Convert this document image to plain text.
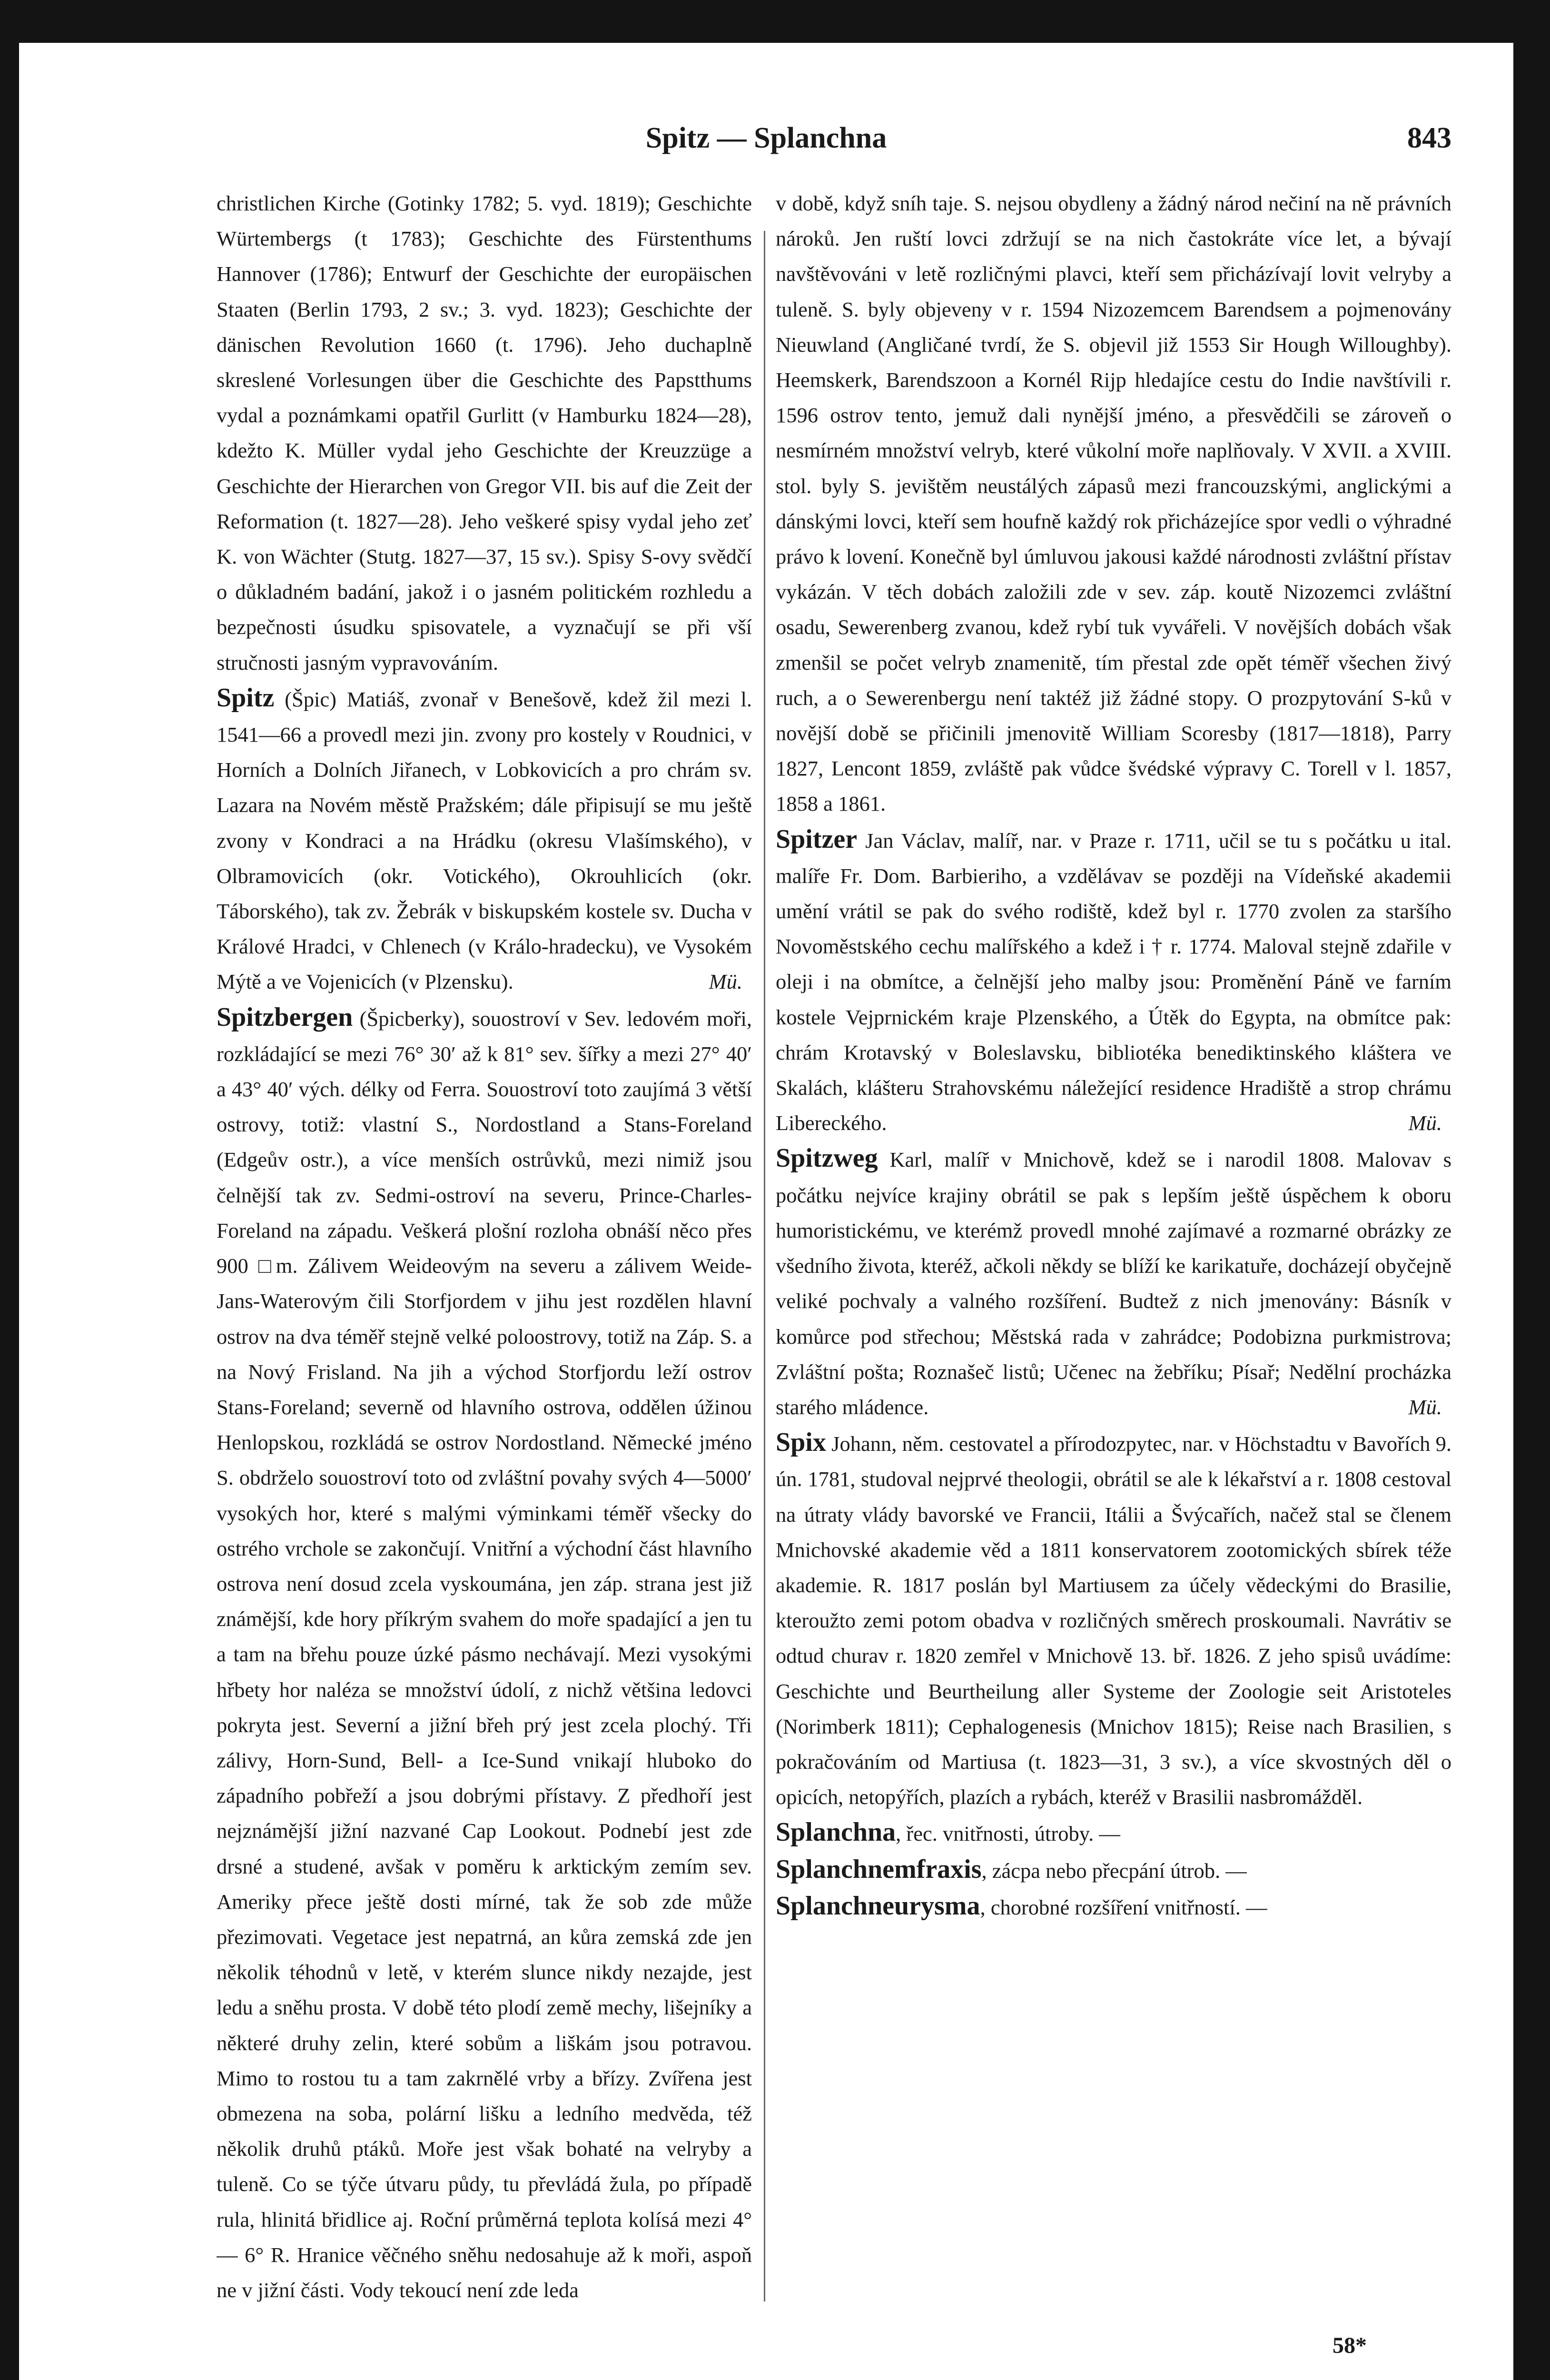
Spitz — Splanchna	843

christlichen Kirche (Gotinky 1782; 5. vyd. 1819); Geschichte Würtembergs (t 1783); Geschichte des Fürstenthums Hannover (1786); Entwurf der Geschichte der europäischen Staaten (Berlin 1793, 2 sv.; 3. vyd. 1823); Geschichte der dänischen Revolution 1660 (t. 1796). Jeho duchaplně skreslené Vorlesungen über die Geschichte des Papstthums vydal a poznámkami opatřil Gurlitt (v Hamburku 1824—28), kdežto K. Müller vydal jeho Geschichte der Kreuzzüge a Geschichte der Hierarchen von Gregor VII. bis auf die Zeit der Reformation (t. 1827—28). Jeho veškeré spisy vydal jeho zeť K. von Wächter (Stutg. 1827—37, 15 sv.). Spisy S-ovy svědčí o důkladném badání, jakož i o jasném politickém rozhledu a bezpečnosti úsudku spisovatele, a vyznačují se při vší stručnosti jasným vypravováním.

Spitz (Špic) Matiáš, zvonař v Benešově, kdež žil mezi l. 1541—66 a provedl mezi jin. zvony pro kostely v Roudnici, v Horních a Dolních Jiřanech, v Lobkovicích a pro chrám sv. Lazara na Novém městě Pražském; dále připisují se mu ještě zvony v Kondraci a na Hrádku (okresu Vlašímského), v Olbramovicích (okr. Votického), Okrouhlicích (okr. Táborského), tak zv. Žebrák v biskupském kostele sv. Ducha v Králové Hradci, v Chlenech (v Králo-hradecku), ve Vysokém Mýtě a ve Vojenicích (v Plzensku).	Mü.

Spitzbergen (Špicberky), souostroví v Sev. ledovém moři, rozkládající se mezi 76° 30′ až k 81° sev. šířky a mezi 27° 40′ a 43° 40′ vých. délky od Ferra. Souostroví toto zaujímá 3 větší ostrovy, totiž: vlastní S., Nordostland a Stans-Foreland (Edgeův ostr.), a více menších ostrůvků, mezi nimiž jsou čelnější tak zv. Sedmi-ostroví na severu, Prince-Charles-Foreland na západu. Veškerá plošní rozloha obnáší něco přes 900 □m. Zálivem Weideovým na severu a zálivem Weide-Jans-Waterovým čili Storfjordem v jihu jest rozdělen hlavní ostrov na dva téměř stejně velké poloostrovy, totiž na Záp. S. a na Nový Frisland. Na jih a východ Storfjordu leží ostrov Stans-Foreland; severně od hlavního ostrova, oddělen úžinou Henlopskou, rozkládá se ostrov Nordostland. Německé jméno S. obdrželo souostroví toto od zvláštní povahy svých 4—5000′ vysokých hor, které s malými výminkami téměř všecky do ostrého vrchole se zakončují. Vnitřní a východní část hlavního ostrova není dosud zcela vyskoumána, jen záp. strana jest již známější, kde hory příkrým svahem do moře spadající a jen tu a tam na břehu pouze úzké pásmo nechávají. Mezi vysokými hřbety hor naléza se množství údolí, z nichž většina ledovci pokryta jest. Severní a jižní břeh prý jest zcela plochý. Tři zálivy, Horn-Sund, Bell- a Ice-Sund vnikají hluboko do západního pobřeží a jsou dobrými přístavy. Z předhoří jest nejznámější jižní nazvané Cap Lookout. Podnebí jest zde drsné a studené, avšak v poměru k arktickým zemím sev. Ameriky přece ještě dosti mírné, tak že sob zde může přezimovati. Vegetace jest nepatrná, an kůra zemská zde jen několik téhodnů v letě, v kterém slunce nikdy nezajde, jest ledu a sněhu prosta. V době této plodí země mechy, lišejníky a některé druhy zelin, které sobům a liškám jsou potravou. Mimo to rostou tu a tam zakrnělé vrby a břízy. Zvířena jest obmezena na soba, polární lišku a ledního medvěda, též několik druhů ptáků. Moře jest však bohaté na velryby a tuleně. Co se týče útvaru půdy, tu převládá žula, po případě rula, hlinitá břidlice aj. Roční průměrná teplota kolísá mezi 4°— 6° R. Hranice věčného sněhu nedosahuje až k moři, aspoň ne v jižní části. Vody tekoucí není zde leda

v době, když sníh taje. S. nejsou obydleny a žádný národ nečiní na ně právních nároků. Jen ruští lovci zdržují se na nich častokráte více let, a bývají navštěvováni v letě rozličnými plavci, kteří sem přicházívají lovit velryby a tuleně. S. byly objeveny v r. 1594 Nizozemcem Barendsem a pojmenovány Nieuwland (Angličané tvrdí, že S. objevil již 1553 Sir Hough Willoughby). Heemskerk, Barendszoon a Kornél Rijp hledajíce cestu do Indie navštívili r. 1596 ostrov tento, jemuž dali nynější jméno, a přesvědčili se zároveň o nesmírném množství velryb, které vůkolní moře naplňovaly. V XVII. a XVIII. stol. byly S. jevištěm neustálých zápasů mezi francouzskými, anglickými a dánskými lovci, kteří sem houfně každý rok přicházejíce spor vedli o výhradné právo k lovení. Konečně byl úmluvou jakousi každé národnosti zvláštní přístav vykázán. V těch dobách založili zde v sev. záp. koutě Nizozemci zvláštní osadu, Sewerenberg zvanou, kdež rybí tuk vyvářeli. V novějších dobách však zmenšil se počet velryb znamenitě, tím přestal zde opět téměř všechen živý ruch, a o Sewerenbergu není taktéž již žádné stopy. O prozpytování S-ků v novější době se přičinili jmenovitě William Scoresby (1817—1818), Parry 1827, Lencont 1859, zvláště pak vůdce švédské výpravy C. Torell v l. 1857, 1858 a 1861.

Spitzer Jan Václav, malíř, nar. v Praze r. 1711, učil se tu s počátku u ital. malíře Fr. Dom. Barbieriho, a vzdělávav se později na Vídeňské akademii umění vrátil se pak do svého rodiště, kdež byl r. 1770 zvolen za staršího Novoměstského cechu malířského a kdež i † r. 1774. Maloval stejně zdařile v oleji i na obmítce, a čelnější jeho malby jsou: Proměnění Páně ve farním kostele Vejprnickém kraje Plzenského, a Útěk do Egypta, na obmítce pak: chrám Krotavský v Boleslavsku, bibliotéka benediktinského kláštera ve Skalách, klášteru Strahovskému náležející residence Hradiště a strop chrámu Libereckého.	Mü.

Spitzweg Karl, malíř v Mnichově, kdež se i narodil 1808. Malovav s počátku nejvíce krajiny obrátil se pak s lepším ještě úspěchem k oboru humoristickému, ve kterémž provedl mnohé zajímavé a rozmarné obrázky ze všedního života, kteréž, ačkoli někdy se blíží ke karikatuře, docházejí obyčejně veliké pochvaly a valného rozšíření. Budtež z nich jmenovány: Básník v komůrce pod střechou; Městská rada v zahrádce; Podobizna purkmistrova; Zvláštní pošta; Roznašeč listů; Učenec na žebříku; Písař; Nedělní procházka starého mládence.	Mü.

Spix Johann, něm. cestovatel a přírodozpytec, nar. v Höchstadtu v Bavořích 9. ún. 1781, studoval nejprvé theologii, obrátil se ale k lékařství a r. 1808 cestoval na útraty vlády bavorské ve Francii, Itálii a Švýcařích, načež stal se členem Mnichovské akademie věd a 1811 konservatorem zootomických sbírek téže akademie. R. 1817 poslán byl Martiusem za účely vědeckými do Brasilie, kteroužto zemi potom obadva v rozličných směrech proskoumali. Navrátiv se odtud churav r. 1820 zemřel v Mnichově 13. bř. 1826. Z jeho spisů uvádíme: Geschichte und Beurtheilung aller Systeme der Zoologie seit Aristoteles (Norimberk 1811); Cephalogenesis (Mnichov 1815); Reise nach Brasilien, s pokračováním od Martiusa (t. 1823—31, 3 sv.), a více skvostných děl o opicích, netopýřích, plazích a rybách, kteréž v Brasilii nasbromážděl.

Splanchna, řec. vnitřnosti, útroby. —

Splanchnemfraxis, zácpa nebo přecpání útrob. —

Splanchneurysma, chorobné rozšíření vnitřností. —

58*
